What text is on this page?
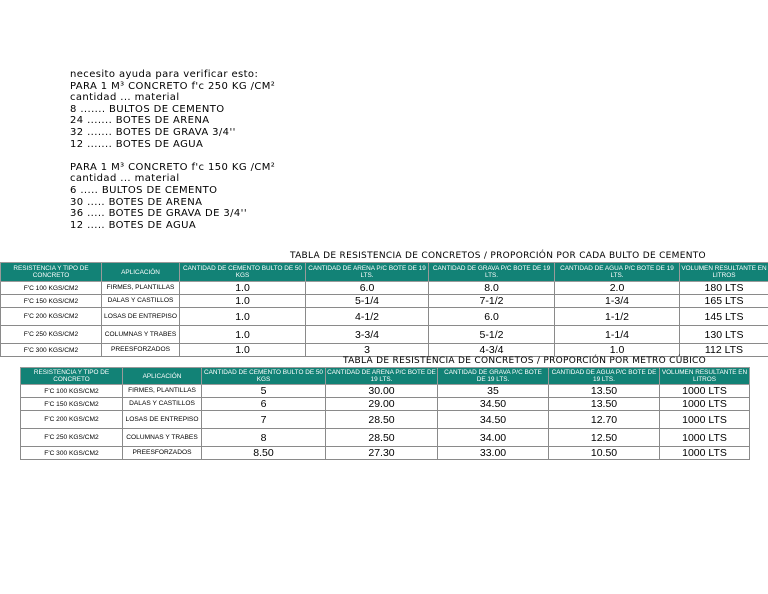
necesito ayuda para verificar esto:
PARA 1 M³ CONCRETO f'c 250 KG /CM²
cantidad ... material
8 ....... BULTOS DE CEMENTO
24 ....... BOTES DE ARENA
32 ....... BOTES DE GRAVA 3/4''
12 ....... BOTES DE AGUA
PARA 1 M³ CONCRETO f'c 150 KG /CM²
cantidad ... material
6 ..... BULTOS DE CEMENTO
30 ..... BOTES DE ARENA
36 ..... BOTES DE GRAVA DE 3/4''
12 ..... BOTES DE AGUA
TABLA DE RESISTENCIA DE CONCRETOS / PROPORCIÓN POR CADA BULTO DE CEMENTO
RESISTENCIA Y TIPO DE CONCRETO	APLICACIÓN	CANTIDAD DE CEMENTO BULTO DE 50 KGS	CANTIDAD DE ARENA P/C BOTE DE 19 LTS.	CANTIDAD DE GRAVA P/C BOTE DE 19 LTS.	CANTIDAD DE AGUA P/C BOTE DE 19 LTS.	VOLUMEN RESULTANTE EN LITROS
F'C 100 KGS/CM2	FIRMES, PLANTILLAS	1.0	6.0	8.0	2.0	180 LTS
F'C 150 KGS/CM2	DALAS Y CASTILLOS	1.0	5-1/4	7-1/2	1-3/4	165 LTS
F'C 200 KGS/CM2	LOSAS DE ENTREPISO	1.0	4-1/2	6.0	1-1/2	145 LTS
F'C 250 KGS/CM2	COLUMNAS Y TRABES	1.0	3-3/4	5-1/2	1-1/4	130 LTS
F'C 300 KGS/CM2	PREESFORZADOS	1.0	3	4-3/4	1.0	112 LTS
TABLA DE RESISTENCIA DE CONCRETOS / PROPORCIÓN POR METRO CÚBICO
RESISTENCIA Y TIPO DE CONCRETO	APLICACIÓN	CANTIDAD DE CEMENTO BULTO DE 50 KGS	CANTIDAD DE ARENA P/C BOTE DE 19 LTS.	CANTIDAD DE GRAVA P/C BOTE DE 19 LTS.	CANTIDAD DE AGUA P/C BOTE DE 19 LTS.	VOLUMEN RESULTANTE EN LITROS
F'C 100 KGS/CM2	FIRMES, PLANTILLAS	5	30.00	35	13.50	1000 LTS
F'C 150 KGS/CM2	DALAS Y CASTILLOS	6	29.00	34.50	13.50	1000 LTS
F'C 200 KGS/CM2	LOSAS DE ENTREPISO	7	28.50	34.50	12.70	1000 LTS
F'C 250 KGS/CM2	COLUMNAS Y TRABES	8	28.50	34.00	12.50	1000 LTS
F'C 300 KGS/CM2	PREESFORZADOS	8.50	27.30	33.00	10.50	1000 LTS
